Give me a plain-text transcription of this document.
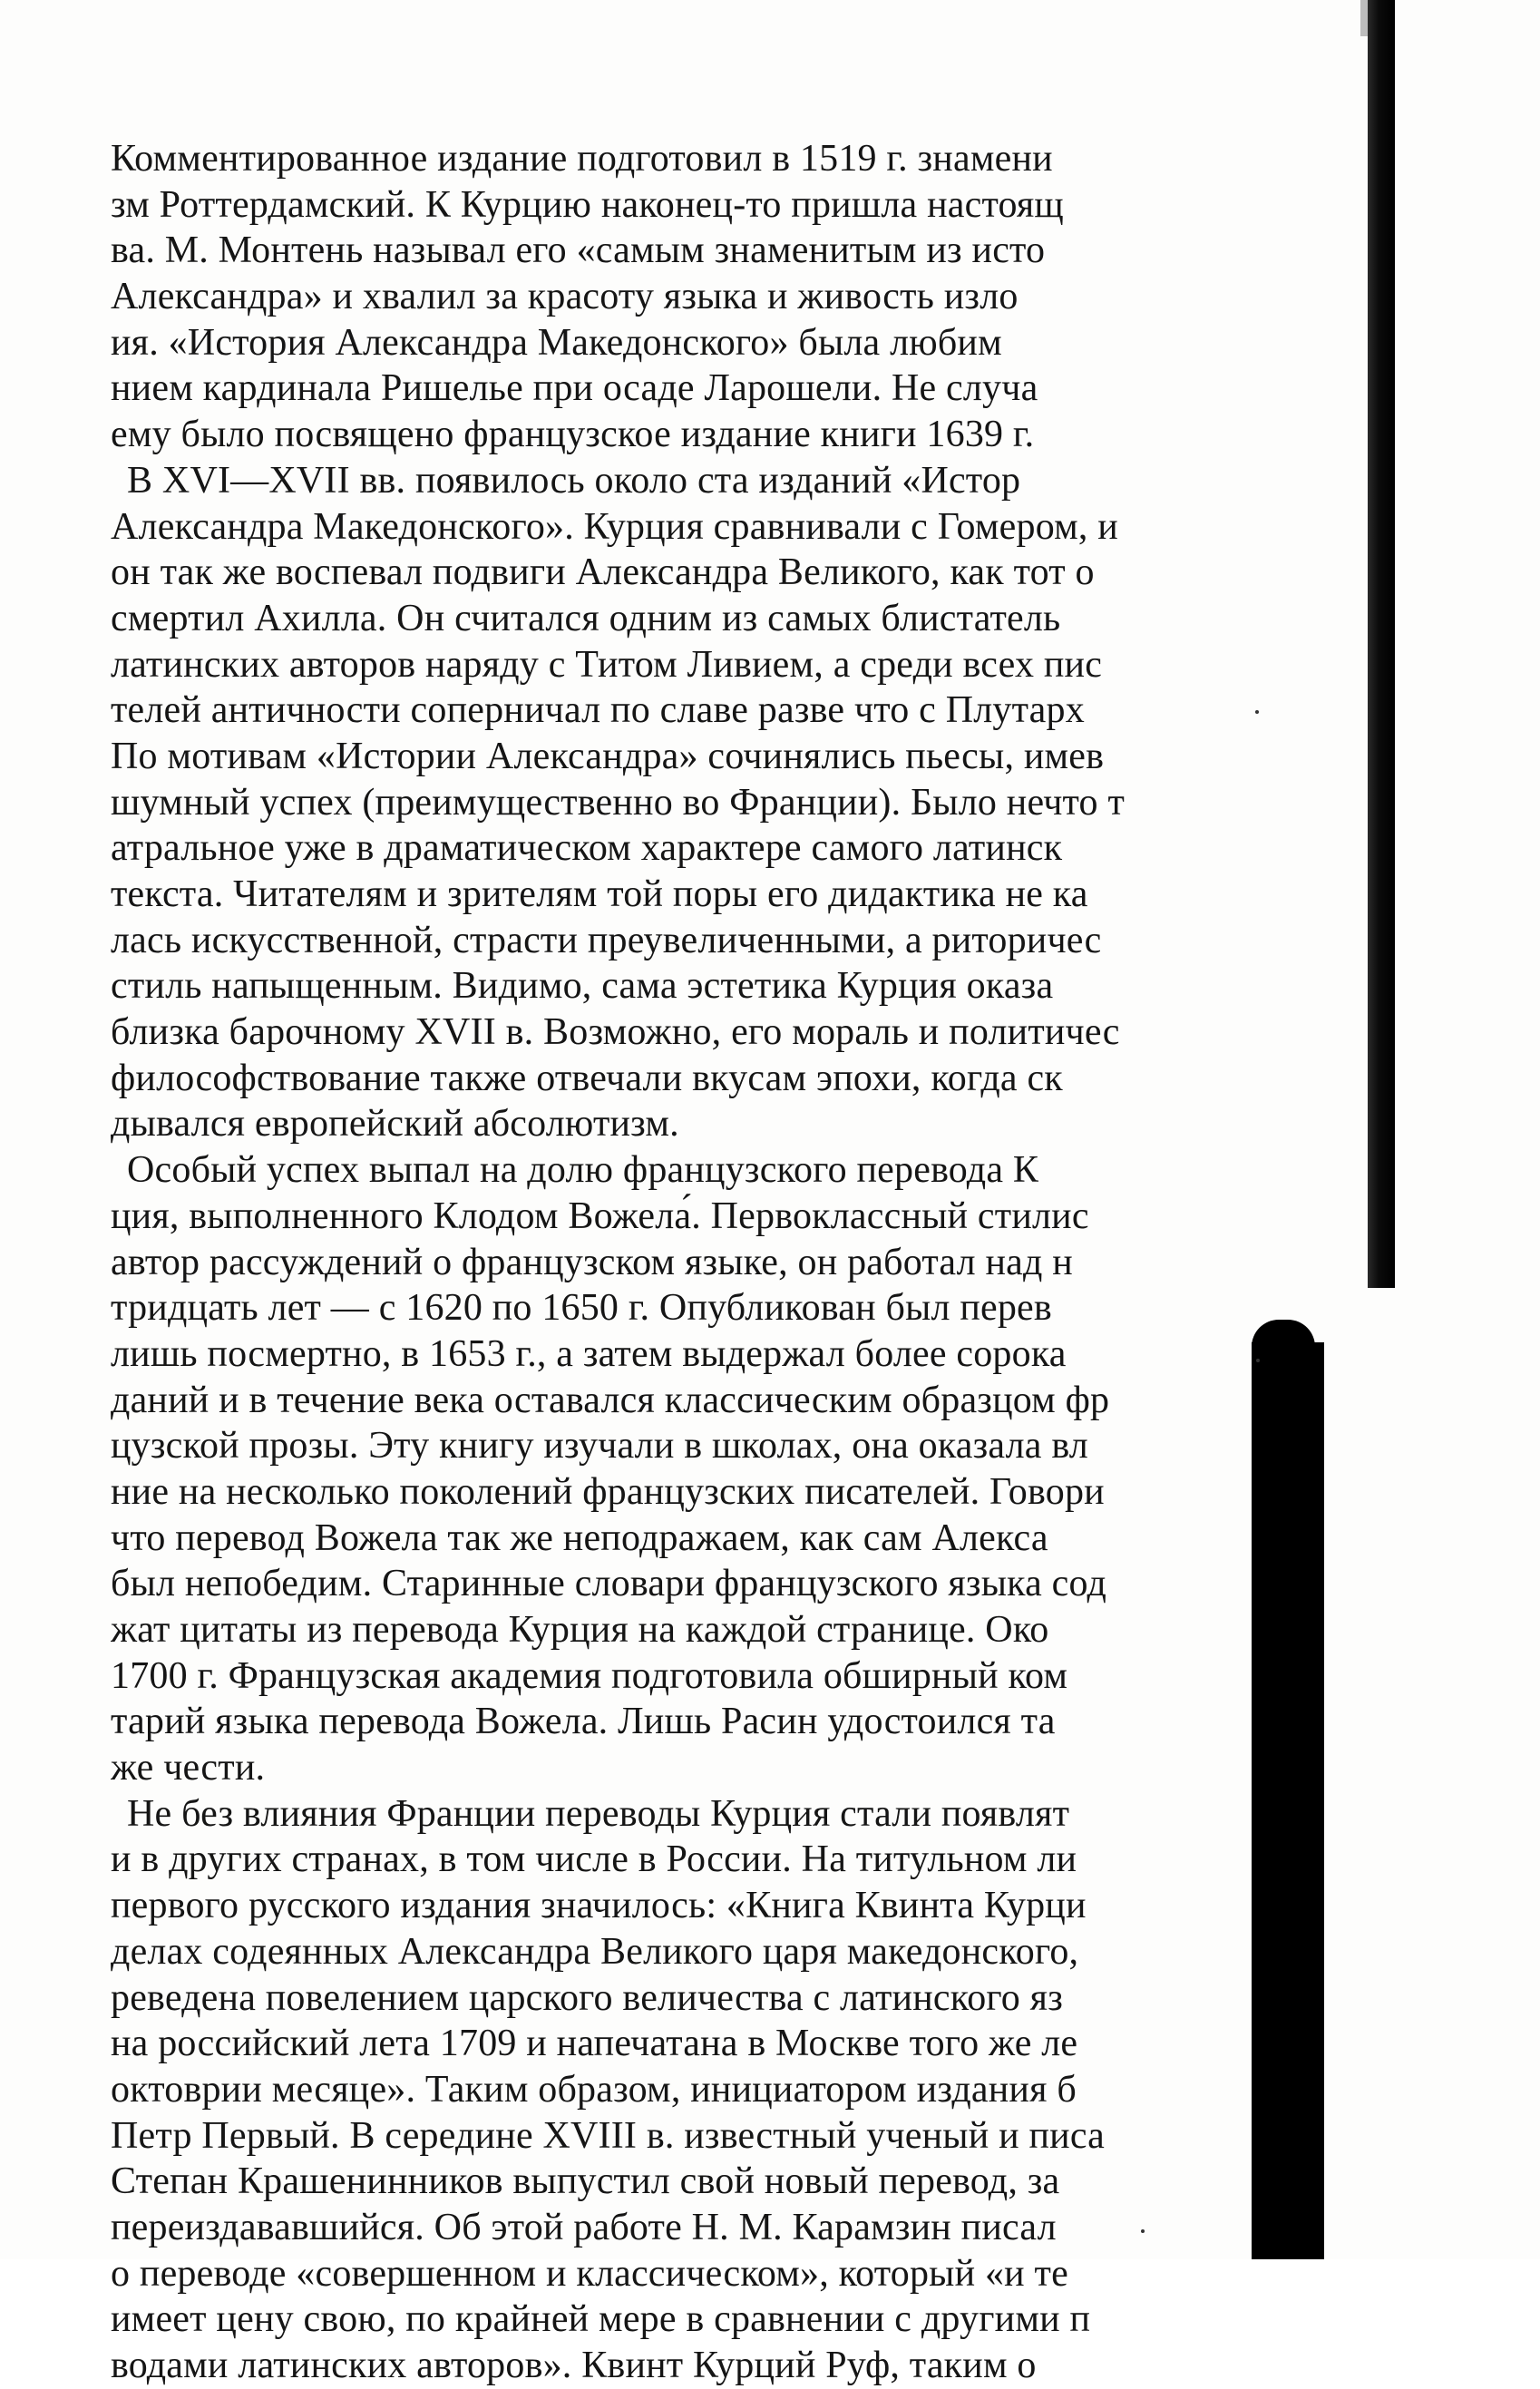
Комментированное издание подготовил в 1519 г. знамени
зм Роттердамский. К Курцию наконец-то пришла настоящ
ва. М. Монтень называл его «самым знаменитым из исто
Александра» и хвалил за красоту языка и живость изло
ия. «История Александра Македонского» была любим
нием кардинала Ришелье при осаде Ларошели. Не случа
ему было посвящено французское издание книги 1639 г.
В XVI—XVII вв. появилось около ста изданий «Истор
Александра Македонского». Курция сравнивали с Гомером, и
он так же воспевал подвиги Александра Великого, как тот о
смертил Ахилла. Он считался одним из самых блистатель
латинских авторов наряду с Титом Ливием, а среди всех пис
телей античности соперничал по славе разве что с Плутарх
По мотивам «Истории Александра» сочинялись пьесы, имев
шумный успех (преимущественно во Франции). Было нечто т
атральное уже в драматическом характере самого латинск
текста. Читателям и зрителям той поры его дидактика не ка
лась искусственной, страсти преувеличенными, а риторичес
стиль напыщенным. Видимо, сама эстетика Курция оказа
близка барочному XVII в. Возможно, его мораль и политичес
философствование также отвечали вкусам эпохи, когда ск
дывался европейский абсолютизм.
Особый успех выпал на долю французского перевода К
ция, выполненного Клодом Вожела́. Первоклассный стилис
автор рассуждений о французском языке, он работал над н
тридцать лет — с 1620 по 1650 г. Опубликован был перев
лишь посмертно, в 1653 г., а затем выдержал более сорока
даний и в течение века оставался классическим образцом фр
цузской прозы. Эту книгу изучали в школах, она оказала вл
ние на несколько поколений французских писателей. Говори
что перевод Вожела так же неподражаем, как сам Алекса
был непобедим. Старинные словари французского языка сод
жат цитаты из перевода Курция на каждой странице. Око
1700 г. Французская академия подготовила обширный ком
тарий языка перевода Вожела. Лишь Расин удостоился та
же чести.
Не без влияния Франции переводы Курция стали появлят
и в других странах, в том числе в России. На титульном ли
первого русского издания значилось: «Книга Квинта Курци
делах содеянных Александра Великого царя македонского,
реведена повелением царского величества с латинского яз
на российский лета 1709 и напечатана в Москве того же ле
октоврии месяце». Таким образом, инициатором издания б
Петр Первый. В середине XVIII в. известный ученый и писа
Степан Крашенинников выпустил свой новый перевод, за
переиздававшийся. Об этой работе Н. М. Карамзин писал
о переводе «совершенном и классическом», который «и те
имеет цену свою, по крайней мере в сравнении с другими п
водами латинских авторов». Квинт Курций Руф, таким о
